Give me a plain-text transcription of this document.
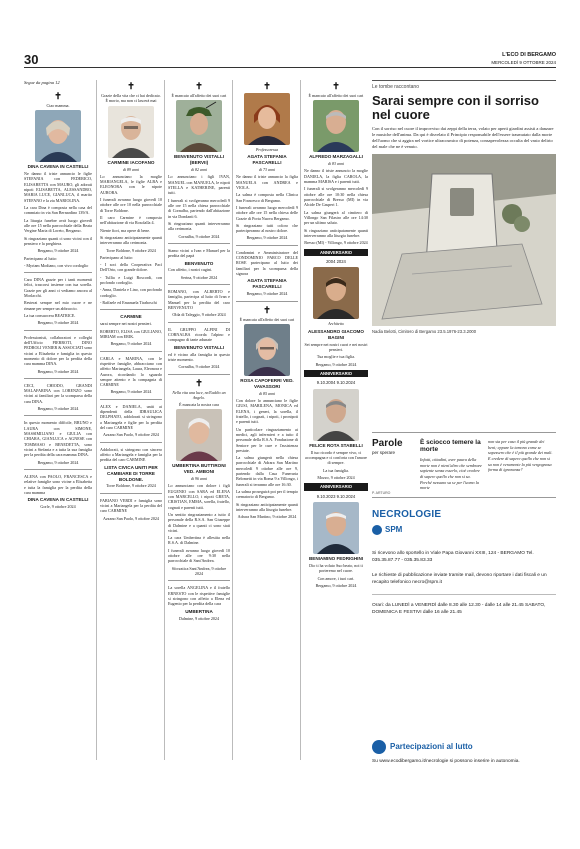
30	L'ECO DI BERGAMO
MERCOLEDÌ 9 OTTOBRE 2024
Segue da pagina 12
✝
Ciao mamma.
DINA CAVENA IN CASTELLI
Ne danno il triste annuncio le figlie STEFANIA con FEDERICO, ELISABETTA con MAURO, gli adorati nipoti ELISABETTA, ALESSANDRO, MARIA LUCE, GIANLUCA, il marito STEFANO e la zia MARIOLINA.
La cara Dina è composta nella casa del commiato in via San Bernardino 139/A.
La liturgia funebre avrà luogo giovedì alle ore 15 nella parrocchiale della Beata Vergine Maria di Loreto, Bergamo.
Si ringraziano quanti ci sono vicini con il pensiero e la preghiera.
Bergamo, 9 ottobre 2024
Partecipano al lutto:
- Myriam Modiano, con vivo cordoglio
Cara DINA grazie per i tanti momenti felici, trascorsi insieme con tua sorella. Grazie per gli anni ci vediamo ancora al Morlacchi.
Resterai sempre nel mio cuore e ne rimane per sempre un abbraccio.
La tua consuocera BEATRICE.
Bergamo, 9 ottobre 2024
Professionisti, collaboratori e colleghi dell'Ufficio PIERROTI, DINO PEDROLI VENIER & ASSOCIATI sono vicini a Elisabetta e famiglia in questo momento di dolore per la perdita della cara mamma DINA.
Bergamo, 9 ottobre 2024
CECI, CHIODO, GRANDI MALAFARINA con LORENZO sono vicini ai familiari per la scomparsa della cara DINA.
Bergamo, 9 ottobre 2024
In questo momento difficile, BRUNO e LAURA con SIMONE, MASSIMILIANO e GIULIA con CHIARA, GIANLUCA e AGNESE con TOMMASO e BENEDETTA, sono vicini a Stefania e a tutta la sua famiglia per la perdita della cara mamma DINA.
Bergamo, 9 ottobre 2024
ALENA con PAOLO, FRANCESCA e relative famiglie sono vicine a Elisabetta e tutta la famiglia per la perdita della cara mamma
DINA CAVENA IN CASTELLI
Gorle, 9 ottobre 2024
✝
Grazie della vita che ci hai dedicato. È morto, ma non ci lascerà mai
CARMINE IACOFANO
di 89 anni
Lo annunciano la moglie MARIANGELA, le figlie ALBA e ELEONORA con le nipote AURORA.
I funerali avranno luogo giovedì 10 ottobre alle ore 10 nella parrocchiale di Torre Boldone.
Il caro Carmine è composto nell'abitazione di via Rosolalla 4.
Niente fiori, ma opere di bene.
Si ringraziano anticipatamente quanti interverranno alla cerimonia.
Torre Boldone, 9 ottobre 2024
Partecipano al lutto:
- I soci della Cooperativa Pacì Dell'Orto, con grande dolore.
- Tullia e Luigi Boscordi, con profondo cordoglio.
- Anna, Daniela e Lino, con profondo cordoglio.
- Raffaele ed Emanuela Tiraboschi
CARMINE
sarai sempre nei nostri pensieri.
ROBERTO, ELISA con GIULIANO, MIRIAM con ERIK.
Bergamo, 9 ottobre 2024
CARLA e MARINA, con le rispettive famiglie, abbracciano con affetto Mariangela, Laura, Eleonora e Aurora, ricordando lo sguardo sempre attento e la compagnia di CARMINE
Bergamo, 9 ottobre 2024
ALEX e DANIELA, uniti ai dipendenti della IDRAULICA DELPHATO, addolorati si stringono a Mariangela e figlie per la perdita del caro CARMINE
Azzano San Paolo, 9 ottobre 2024
Addolorati, si stringono con sincero affetto a Mariangela e famiglia per la perdita del caro CARMINE
LISTA CIVICA UNITI PER CAMBIARE DI TORRE BOLDONE.
Torre Boldone, 9 ottobre 2024
FABIANO VERDI e famiglia sono vicini a Mariangela per la perdita del caro CARMINE
Azzano San Paolo, 9 ottobre 2024
✝
È mancato all'affetto dei suoi cari
BENVENUTO VISTALLI (BERVII)
di 82 anni
Lo annunciano i figli IVAN, MANUEL con MANUELA, le nipoti STELLA e KATHERINE, parenti tutti.
I funerali si svolgeranno mercoledì 9 alle ore 15 nella chiesa parrocchiale di Cornalba, partendo dall'abitazione in via Dondanti 6.
Si ringraziano quanti interverranno alla cerimonia.
Cornalba, 9 ottobre 2024
Siamo vicini a Ivan e Manuel per la perdita del papà
BENVENUTO
Con affetto, i nostri cugini.
Serina, 9 ottobre 2024
ROMANO, con ALBERTO e famiglia, partecipa al lutto di Ivan e Manuel per la perdita del caro BENVENUTO
Olda di Taleggio, 9 ottobre 2024
IL GRUPPO ALPINI DI CORNALBA ricorda l'alpino e compagno di tante adunate
BENVENUTO VISTALLI
ed è vicino alla famiglia in questo triste momento.
Cornalba, 9 ottobre 2024
✝
Nella vita una luce, nell'addio un Angelo.
È mancata la nostra cara
UMBERTINA BUTTIRONI VED. AMBONI
di 96 anni
Lo annunciano con dolore i figli EUGENIO con SARA ed ELENA con MARCELLO, i nipoti GRETA, CRISTIAN, EMMA, sorella, fratello, cognati e parenti tutti.
Un sentito ringraziamento a tutto il personale della R.S.A. San Giuseppe di Dalmine e a quanti ci sono stati vicini.
La cara Umbertina è allestita nella R.S.A. di Dalmine.
I funerali avranno luogo giovedì 10 ottobre alle ore 9:30 nella parrocchiale di Sant'Andrea.
Sforzatica Sant'Andrea, 9 ottobre 2024
La sorella ANGELINA e il fratello ERNESTO con le rispettive famiglie si stringono con affetto a Elena ed Eugenio per la perdita della cara
UMBERTINA
Dalmine, 9 ottobre 2024
✝
Professoressa
AGATA STEFANIA PASCARELLI
di 73 anni
Ne danno il triste annuncio la figlia MANUELA con ANDREA e VIOLA.
La salma è composta nella Clinica San Francesco di Bergamo.
I funerali avranno luogo mercoledì 9 ottobre alle ore 15 nella chiesa delle Grazie di Porta Nuova Bergamo.
Si ringraziano tutti coloro che parteciperanno al nostro dolore.
Bergamo, 9 ottobre 2024
Condomini e Amministratore del CONDOMINIO PARCO DELLE ROSE partecipano al lutto dei familiari per la scomparsa della signora
AGATA STEFANIA PASCARELLI
Bergamo, 9 ottobre 2024
✝
È mancata all'affetto dei suoi cari
ROSA CAPOFERRI VED. VAVASSORI
di 85 anni
Con dolore lo annunciano le figlie GIUSI, MARILENA, MONICA ed ELENA, i generi, la sorella, il fratello, i cognati, i nipoti, i pronipoti e parenti tutti.
Un particolare ringraziamento ai medici, agli infermieri e a tutto il personale della R.S.A. Fondazione di Seniore per le cure e l'assistenza prestate.
La salma giungerà nella chiesa parrocchiale di Adrara San Martino mercoledì 9 ottobre alle ore 9, partendo dalla Casa Funeraria Belometti in via Roma 9 a Villongo, i funerali si terranno alle ore 16:30.
La salma proseguirà poi per il tempio crematorio di Bergamo.
Si ringraziano anticipatamente quanti interverranno alla liturgia funebre.
Adrara San Martino, 9 ottobre 2024
✝
È mancato all'affetto dei suoi cari
ALFREDO MARZAGALLI
di 83 anni
Ne danno il triste annuncio la moglie DANIELA, la figlia CAROLA, la mamma MARISA e i parenti tutti.
I funerali si svolgeranno mercoledì 9 ottobre alle ore 10:30 nella chiesa parrocchiale di Bresso (MI) in via Alcide De Gasperi 1.
La salma giungerà al cimitero di Villongo San Filastro alle ore 14:30 per un ultimo saluto.
Si ringraziano anticipatamente quanti interverranno alla liturgia funebre.
Bresso (MI) - Villongo, 9 ottobre 2024
ANNIVERSARIO
2004 2024
Architetto
ALESSANDRO GIACOMO BAGINI
Sei sempre nei nostri cuori e nei nostri pensieri.
Tua moglie e tua figlia.
Bergamo, 9 ottobre 2024
ANNIVERSARIO
9.10.2004 9.10.2024
FELICE ROTA STABELLI
Il tuo ricordo è sempre vivo, ci accompagna e ci conforta con l'amore di sempre.
La tua famiglia.
Mozzo, 9 ottobre 2024
ANNIVERSARIO
9.10.2023 9.10.2024
BENIAMINO FEDRIGHINI
Dio ti ha voluto Suo beato, noi ti porteremo nel cuore.
Con amore, i tuoi cari.
Bergamo, 9 ottobre 2024
Le tombe raccontano
Sarai sempre con il sorriso nel cuore
Con il sorriso nel cuore il improvviso dai zeppi della terra, volato per aperti giardini assisti a danzare le musiche dell'anima. Da qui è disvelato il Principio responsabile dell'essere trasmutato dalla morte dell'uomo che si aggira nel vortice ultracosmico di potenza, consapevolezza occulta del vasto delirio del male che ne è venuto.
Nadia Belotti, Cimitero di Bergamo 23.5.1976-23.3.2000
Parole
per sperare
P. ARTURO
È sciocco temere la morte
Infatti, cittadini, aver paura della morte non è nient'altro che sembrare sapiente senza esserlo, cioè credere di sapere quello che non si sa. Perché nessuno sa se per l'uomo la morte
non sia per caso il più grande dei beni; eppure la temono come se sapessero che è il più grande dei mali. E credere di sapere quello che non si sa non è veramente la più vergognosa forma di ignoranza?
NECROLOGIE
SPM
Si ricevono allo sportello in Viale Papa Giovanni XXIII, 124 - BERGAMO Tel. 035.35.87.77 - 035.35.83.33
Le richieste di pubblicazione inviate tramite mail, devono riportare i dati fiscali e un recapito telefonico necro@spm.it
Orari: da LUNEDÌ a VENERDÌ dalle 8.30 alle 12.30 - dalle 14 alle 21.45 SABATO, DOMENICA E FESTIVI dalle 16 alle 21.45
Partecipazioni al lutto
Su www.ecodibergamo.it/necrologie si possono inserire in autonomia.
